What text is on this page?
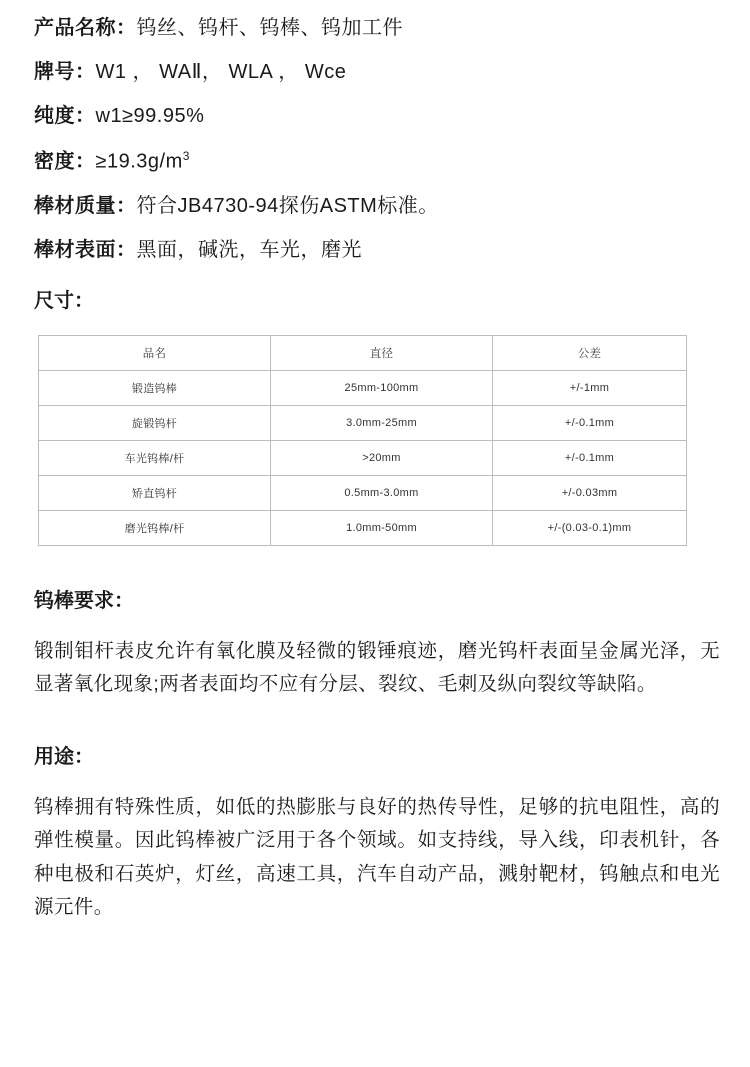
产品名称：钨丝、钨杆、钨棒、钨加工件
牌号：W1 ， WAⅡ， WLA ， Wce
纯度：w1≥99.95%
密度：$\ge 19.3g/m^3$
棒材质量：符合JB4730-94探伤ASTM标准。
棒材表面：黑面，碱洗，车光，磨光
尺寸：
品名	直径	公差
锻造钨棒	25mm-100mm	+/-1mm
旋锻钨杆	3.0mm-25mm	+/-0.1mm
车光钨棒/杆	>20mm	+/-0.1mm
矫直钨杆	0.5mm-3.0mm	+/-0.03mm
磨光钨棒/杆	1.0mm-50mm	+/-(0.03-0.1)mm
钨棒要求：
锻制钼杆表皮允许有氧化膜及轻微的锻锤痕迹，磨光钨杆表面呈金属光泽，无显著氧化现象;两者表面均不应有分层、裂纹、毛刺及纵向裂纹等缺陷。
用途：
钨棒拥有特殊性质，如低的热膨胀与良好的热传导性，足够的抗电阻性，高的弹性模量。因此钨棒被广泛用于各个领域。如支持线，导入线，印表机针，各种电极和石英炉，灯丝，高速工具，汽车自动产品，溅射靶材，钨触点和电光源元件。
